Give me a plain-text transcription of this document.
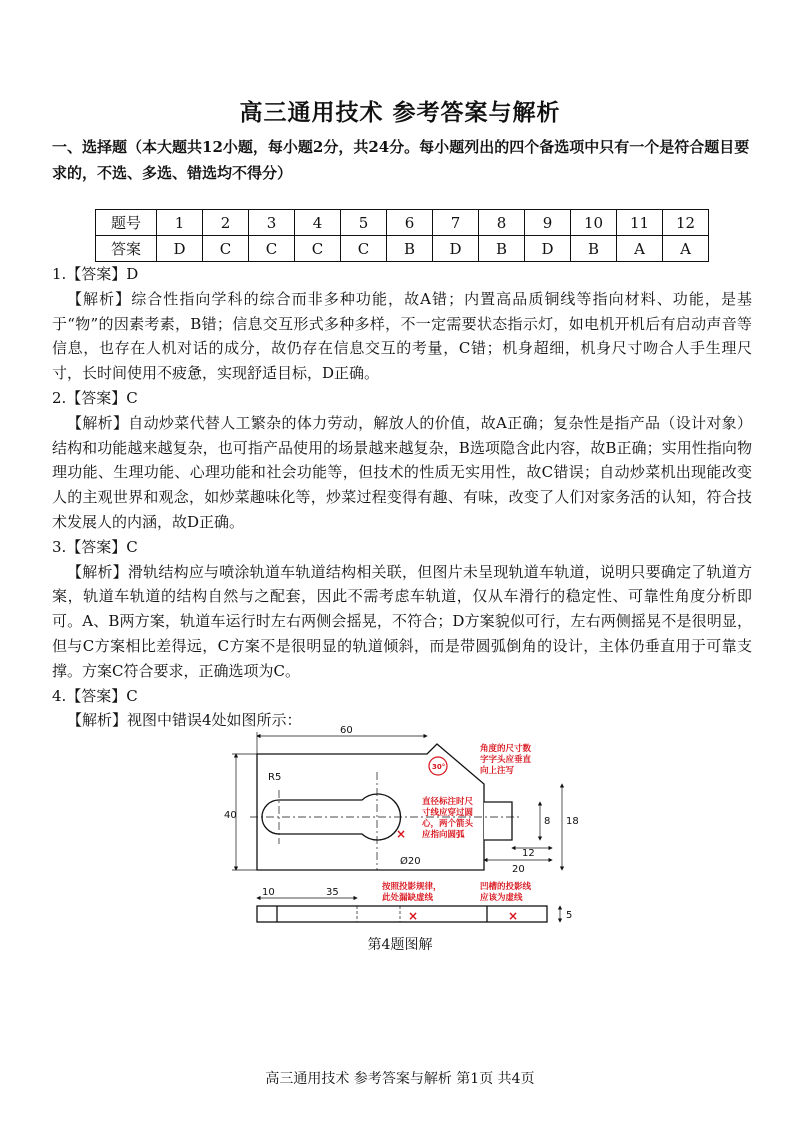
高三通用技术 参考答案与解析
一、选择题（本大题共12小题，每小题2分，共24分。每小题列出的四个备选项中只有一个是符合题目要求的，不选、多选、错选均不得分）
题号	1	2	3	4	5	6	7	8	9	10	11	12
答案	D	C	C	C	C	B	D	B	D	B	A	A

1.【答案】D

【解析】综合性指向学科的综合而非多种功能，故A错；内置高品质铜线等指向材料、功能，是基于“物”的因素考素，B错；信息交互形式多种多样，不一定需要状态指示灯，如电机开机后有启动声音等信息，也存在人机对话的成分，故仍存在信息交互的考量，C错；机身超细，机身尺寸吻合人手生理尺寸，长时间使用不疲惫，实现舒适目标，D正确。

2.【答案】C

【解析】自动炒菜代替人工繁杂的体力劳动，解放人的价值，故A正确；复杂性是指产品（设计对象）结构和功能越来越复杂，也可指产品使用的场景越来越复杂，B选项隐含此内容，故B正确；实用性指向物理功能、生理功能、心理功能和社会功能等，但技术的性质无实用性，故C错误；自动炒菜机出现能改变人的主观世界和观念，如炒菜趣味化等，炒菜过程变得有趣、有味，改变了人们对家务活的认知，符合技术发展人的内涵，故D正确。

3.【答案】C

【解析】滑轨结构应与喷涂轨道车轨道结构相关联，但图片未呈现轨道车轨道，说明只要确定了轨道方案，轨道车轨道的结构自然与之配套，因此不需考虑车轨道，仅从车滑行的稳定性、可靠性角度分析即可。A、B两方案，轨道车运行时左右两侧会摇晃，不符合；D方案貌似可行，左右两侧摇晃不是很明显，但与C方案相比差得远，C方案不是很明显的轨道倾斜，而是带圆弧倒角的设计，主体仍垂直用于可靠支撑。方案C符合要求，正确选项为C。

4.【答案】C

【解析】视图中错误4处如图所示：

60
R5
40
Ø20
8 18
12
20
10	35
5
30°
角度的尺寸数
字字头应垂直
向上注写
直径标注时尺
寸线应穿过圆
心，两个箭头
应指向圆弧
按照投影规律，
此处漏缺虚线
凹槽的投影线
应该为虚线
×
×	×
第4题图解
高三通用技术 参考答案与解析 第1页 共4页
